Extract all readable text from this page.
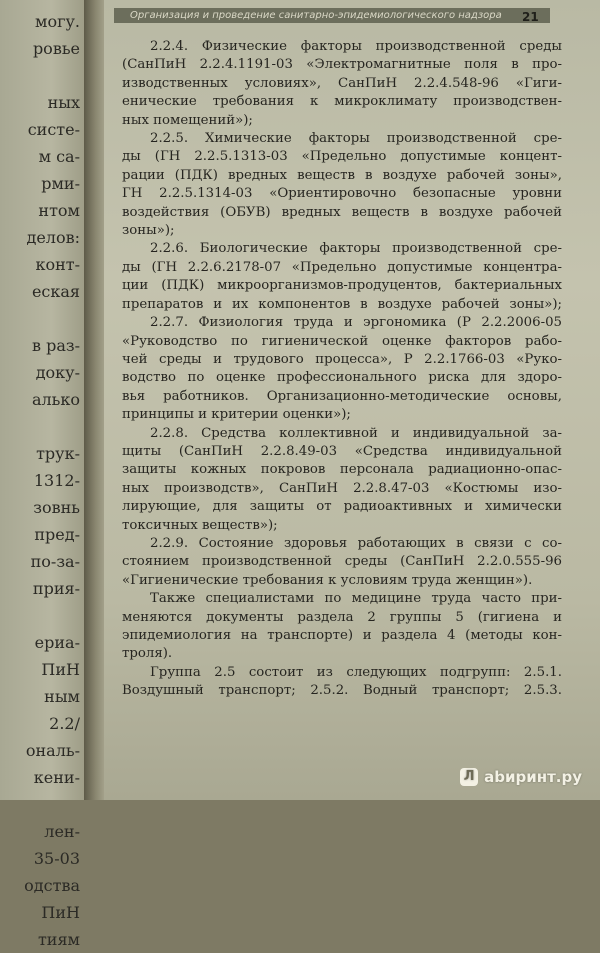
могу.
ровье

ных
систе-
м са-
рми-
нтом
делов:
конт-
еская

в раз-
доку-
алько

трук-
1312-
зовнь
пред-
по-за-
прия-

ериа-
ПиН
ным
2.2/
ональ-
кени-

лен-
35-03
одства
ПиН
тиям
Организация и проведение санитарно-эпидемиологического надзора 21
2.2.4. Физические факторы производственной среды
(СанПиН 2.2.4.1191-03 «Электромагнитные поля в про-
изводственных условиях», СанПиН 2.2.4.548-96 «Гиги-
енические требования к микроклимату производствен-
ных помещений»);
2.2.5. Химические факторы производственной сре-
ды (ГН 2.2.5.1313-03 «Предельно допустимые концент-
рации (ПДК) вредных веществ в воздухе рабочей зоны»,
ГН 2.2.5.1314-03 «Ориентировочно безопасные уровни
воздействия (ОБУВ) вредных веществ в воздухе рабочей
зоны»);
2.2.6. Биологические факторы производственной сре-
ды (ГН 2.2.6.2178-07 «Предельно допустимые концентра-
ции (ПДК) микроорганизмов-продуцентов, бактериальных
препаратов и их компонентов в воздухе рабочей зоны»);
2.2.7. Физиология труда и эргономика (Р 2.2.2006-05
«Руководство по гигиенической оценке факторов рабо-
чей среды и трудового процесса», Р 2.2.1766-03 «Руко-
водство по оценке профессионального риска для здоро-
вья работников. Организационно-методические основы,
принципы и критерии оценки»);
2.2.8. Средства коллективной и индивидуальной за-
щиты (СанПиН 2.2.8.49-03 «Средства индивидуальной
защиты кожных покровов персонала радиационно-опас-
ных производств», СанПиН 2.2.8.47-03 «Костюмы изо-
лирующие, для защиты от радиоактивных и химически
токсичных веществ»);
2.2.9. Состояние здоровья работающих в связи с со-
стоянием производственной среды (СанПиН 2.2.0.555-96
«Гигиенические требования к условиям труда женщин»).
Также специалистами по медицине труда часто при-
меняются документы раздела 2 группы 5 (гигиена и
эпидемиология на транспорте) и раздела 4 (методы кон-
троля).
Группа 2.5 состоит из следующих подгрупп: 2.5.1.
Воздушный транспорт; 2.5.2. Водный транспорт; 2.5.3.
Л abиринт.ру
